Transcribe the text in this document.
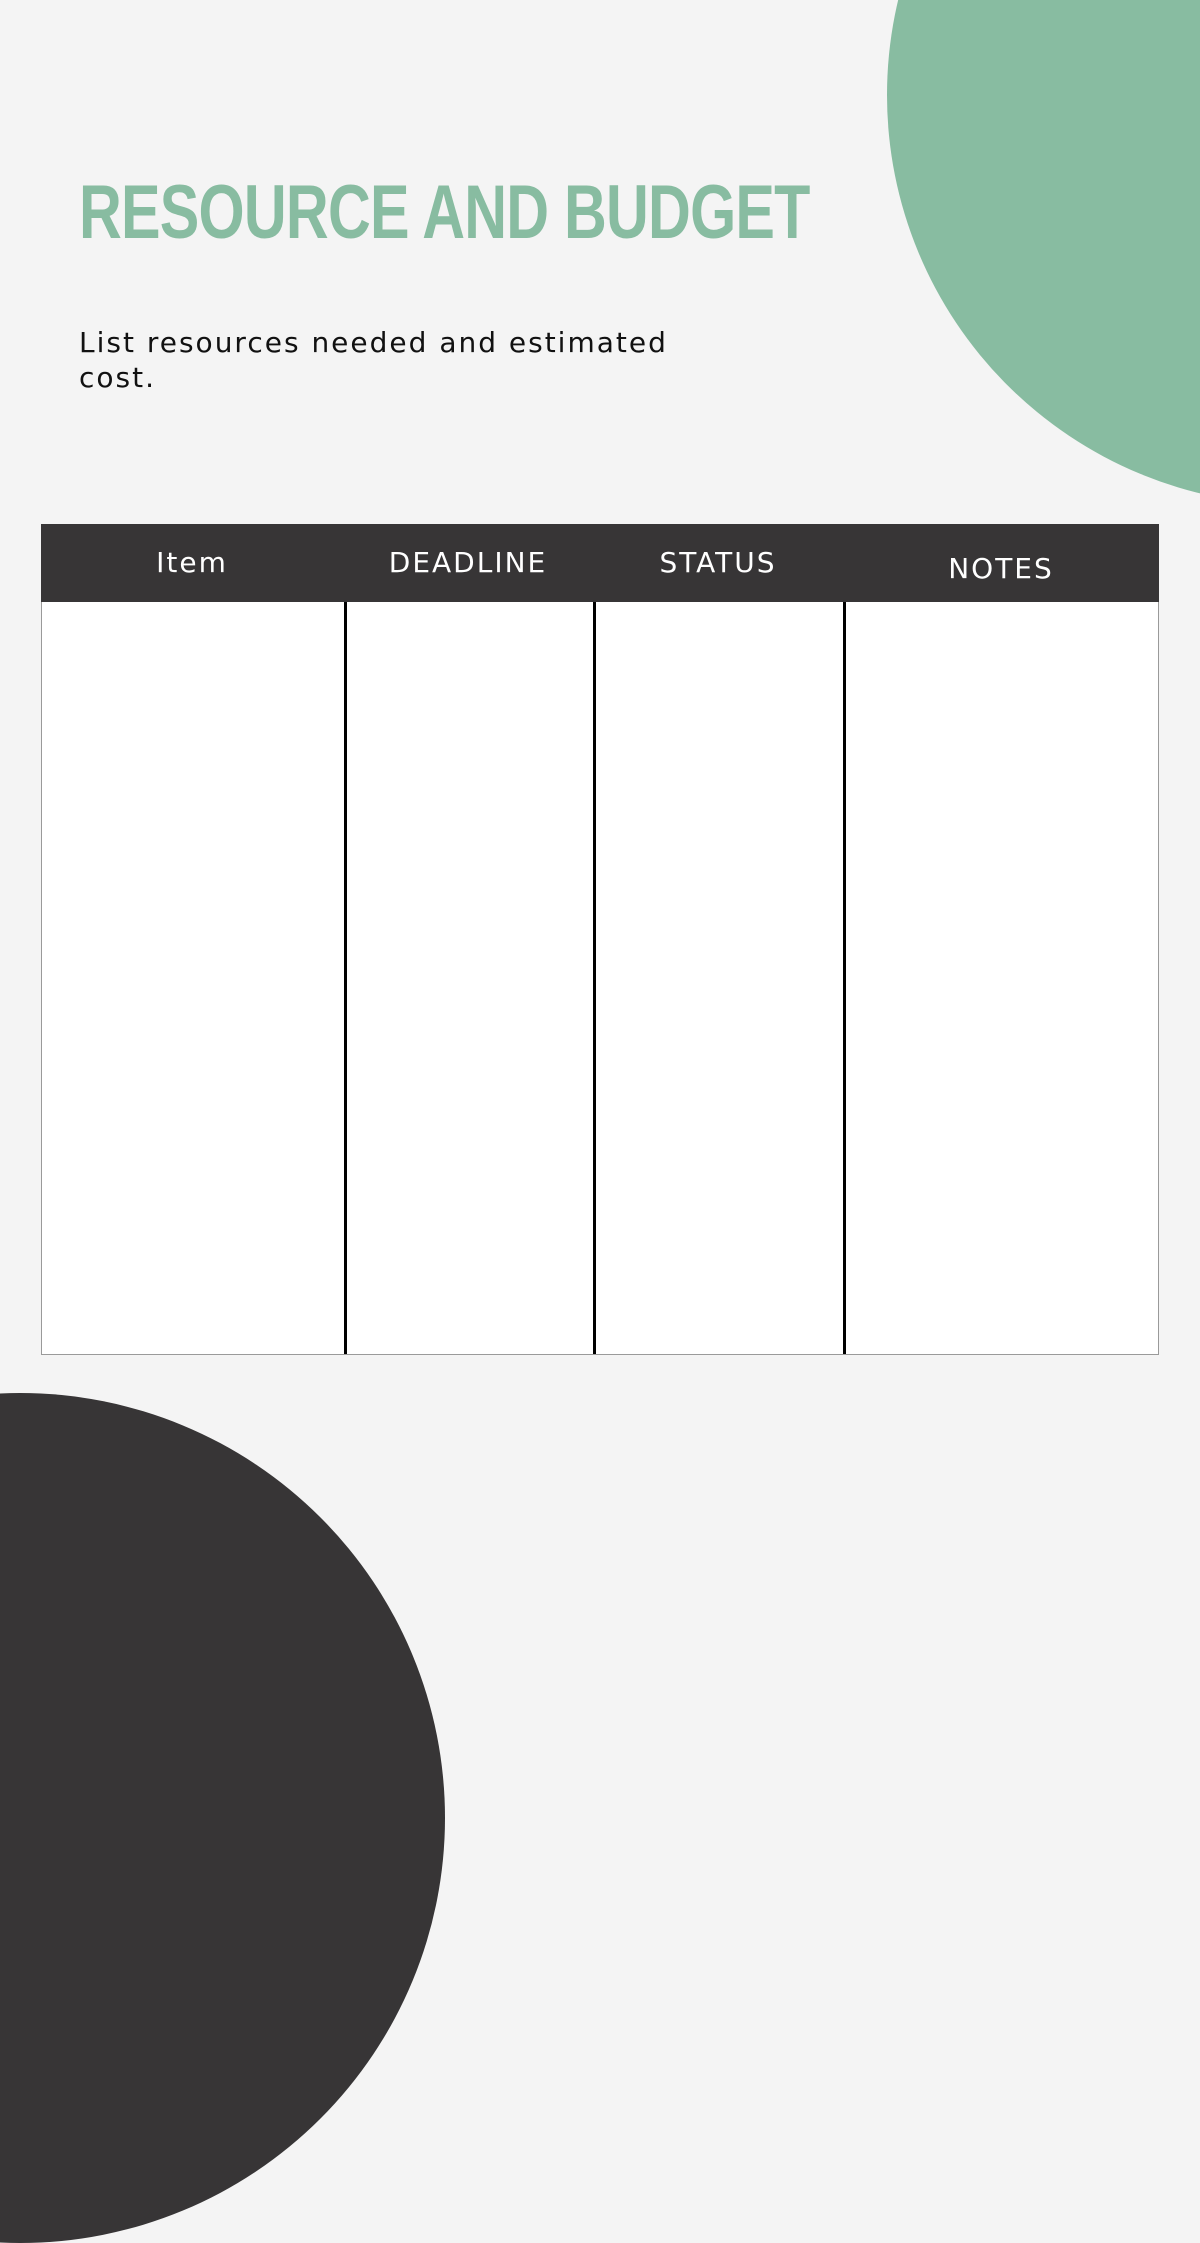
RESOURCE AND BUDGET

List resources needed and estimated cost.

Item	DEADLINE	STATUS	NOTES
